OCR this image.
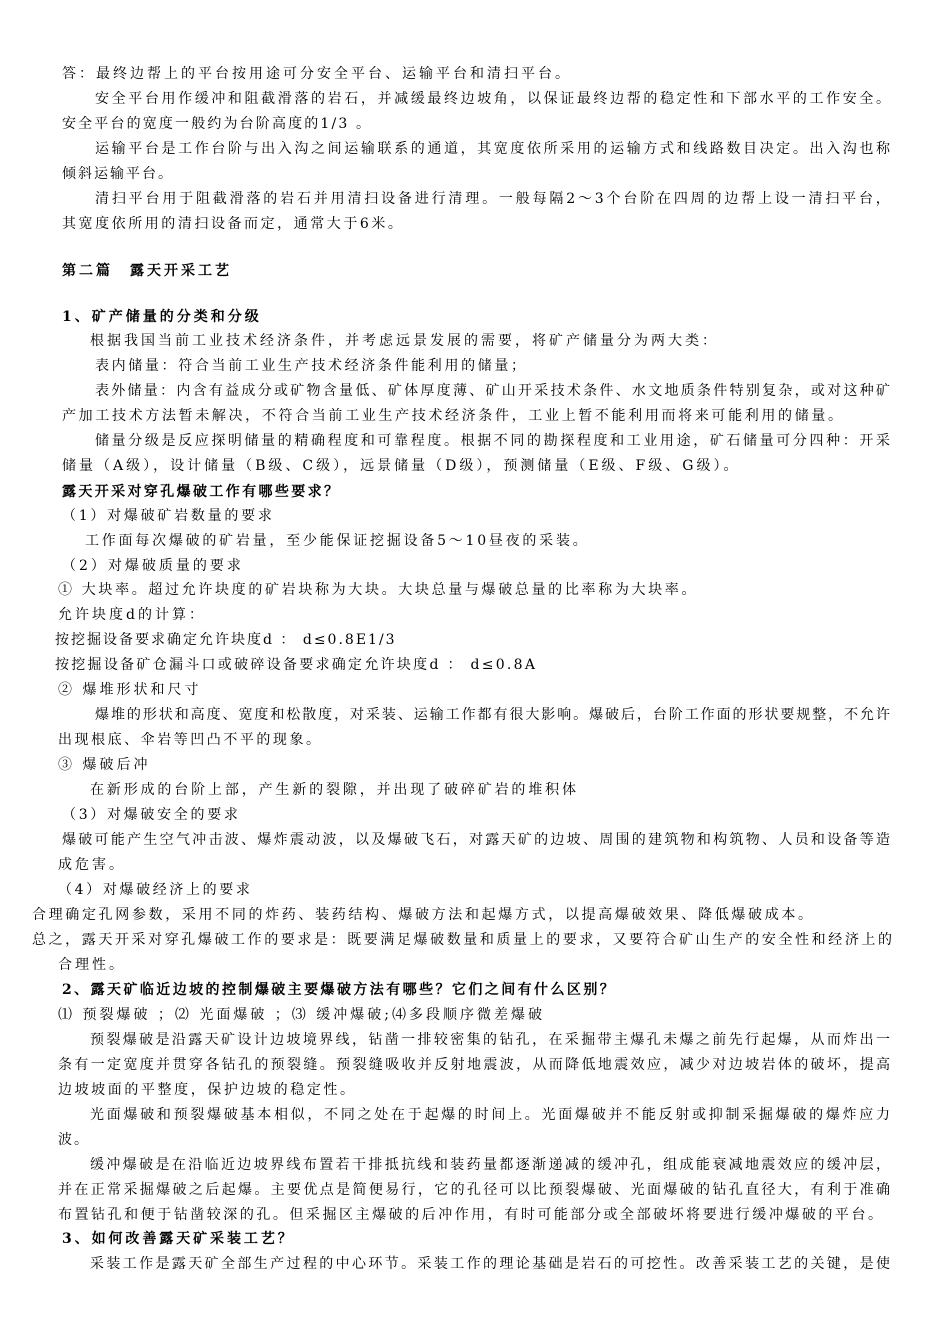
答：最终边帮上的平台按用途可分安全平台、运输平台和清扫平台。
安全平台用作缓冲和阻截滑落的岩石，并减缓最终边坡角，以保证最终边帮的稳定性和下部水平的工作安全。
安全平台的宽度一般约为台阶高度的1/3 。
运输平台是工作台阶与出入沟之间运输联系的通道，其宽度依所采用的运输方式和线路数目决定。出入沟也称
倾斜运输平台。
清扫平台用于阻截滑落的岩石并用清扫设备进行清理。一般每隔2～3个台阶在四周的边帮上设一清扫平台，
其宽度依所用的清扫设备而定，通常大于6米。
第二篇　露天开采工艺
1、矿产储量的分类和分级
根据我国当前工业技术经济条件，并考虑远景发展的需要，将矿产储量分为两大类：
表内储量：符合当前工业生产技术经济条件能利用的储量；
表外储量：内含有益成分或矿物含量低、矿体厚度薄、矿山开采技术条件、水文地质条件特别复杂，或对这种矿
产加工技术方法暂未解决，不符合当前工业生产技术经济条件，工业上暂不能利用而将来可能利用的储量。
储量分级是反应探明储量的精确程度和可靠程度。根据不同的勘探程度和工业用途，矿石储量可分四种：开采
储量（A级），设计储量（B级、C级），远景储量（D级），预测储量（E级、F级、G级）。
露天开采对穿孔爆破工作有哪些要求？
（1）对爆破矿岩数量的要求
工作面每次爆破的矿岩量，至少能保证挖掘设备5～10昼夜的采装。
（2）对爆破质量的要求
① 大块率。超过允许块度的矿岩块称为大块。大块总量与爆破总量的比率称为大块率。
允许块度d的计算：
按挖掘设备要求确定允许块度d ： d≤0.8E1/3
按挖掘设备矿仓漏斗口或破碎设备要求确定允许块度d ： d≤0.8A
② 爆堆形状和尺寸
爆堆的形状和高度、宽度和松散度，对采装、运输工作都有很大影响。爆破后，台阶工作面的形状要规整，不允许
出现根底、伞岩等凹凸不平的现象。
③ 爆破后冲
在新形成的台阶上部，产生新的裂隙，并出现了破碎矿岩的堆积体
（3）对爆破安全的要求
爆破可能产生空气冲击波、爆炸震动波，以及爆破飞石，对露天矿的边坡、周围的建筑物和构筑物、人员和设备等造
成危害。
（4）对爆破经济上的要求
合理确定孔网参数，采用不同的炸药、装药结构、爆破方法和起爆方式，以提高爆破效果、降低爆破成本。
总之，露天开采对穿孔爆破工作的要求是：既要满足爆破数量和质量上的要求，又要符合矿山生产的安全性和经济上的
合理性。
2、露天矿临近边坡的控制爆破主要爆破方法有哪些？它们之间有什么区别？
⑴ 预裂爆破 ；⑵ 光面爆破 ；⑶ 缓冲爆破;⑷多段顺序微差爆破
预裂爆破是沿露天矿设计边坡境界线，钻凿一排较密集的钻孔，在采掘带主爆孔未爆之前先行起爆，从而炸出一
条有一定宽度并贯穿各钻孔的预裂缝。预裂缝吸收并反射地震波，从而降低地震效应，减少对边坡岩体的破坏，提高
边坡坡面的平整度，保护边坡的稳定性。
光面爆破和预裂爆破基本相似，不同之处在于起爆的时间上。光面爆破并不能反射或抑制采掘爆破的爆炸应力
波。
缓冲爆破是在沿临近边坡界线布置若干排抵抗线和装药量都逐渐递减的缓冲孔，组成能衰减地震效应的缓冲层，
并在正常采掘爆破之后起爆。主要优点是简便易行，它的孔径可以比预裂爆破、光面爆破的钻孔直径大，有利于准确
布置钻孔和便于钻凿较深的孔。但采掘区主爆破的后冲作用，有时可能部分或全部破坏将要进行缓冲爆破的平台。
3、如何改善露天矿采装工艺？
采装工作是露天矿全部生产过程的中心环节。采装工作的理论基础是岩石的可挖性。改善采装工艺的关键，是使
